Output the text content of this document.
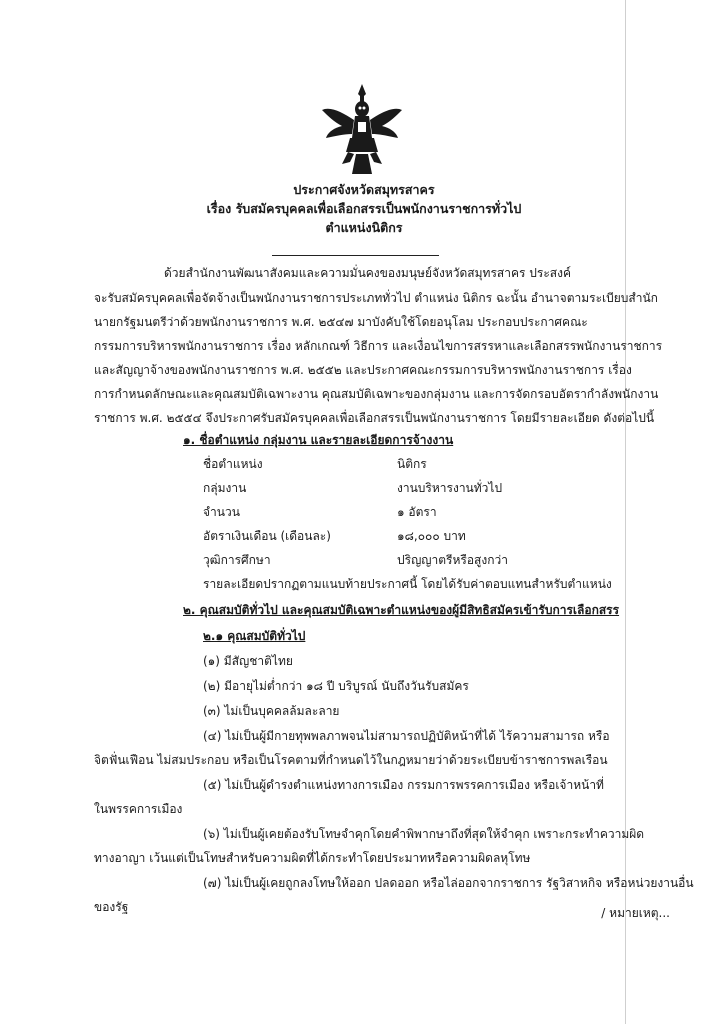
ประกาศจังหวัดสมุทรสาคร
เรื่อง รับสมัครบุคคลเพื่อเลือกสรรเป็นพนักงานราชการทั่วไป
ตำแหน่งนิติกร
ด้วยสำนักงานพัฒนาสังคมและความมั่นคงของมนุษย์จังหวัดสมุทรสาคร ประสงค์
จะรับสมัครบุคคลเพื่อจัดจ้างเป็นพนักงานราชการประเภททั่วไป ตำแหน่ง นิติกร ฉะนั้น อำนาจตามระเบียบสำนัก
นายกรัฐมนตรีว่าด้วยพนักงานราชการ พ.ศ. ๒๕๔๗ มาบังคับใช้โดยอนุโลม ประกอบประกาศคณะ
กรรมการบริหารพนักงานราชการ เรื่อง หลักเกณฑ์ วิธีการ และเงื่อนไขการสรรหาและเลือกสรรพนักงานราชการ
และสัญญาจ้างของพนักงานราชการ พ.ศ. ๒๕๕๒ และประกาศคณะกรรมการบริหารพนักงานราชการ เรื่อง
การกำหนดลักษณะและคุณสมบัติเฉพาะงาน คุณสมบัติเฉพาะของกลุ่มงาน และการจัดกรอบอัตรากำลังพนักงาน
ราชการ พ.ศ. ๒๕๕๔ จึงประกาศรับสมัครบุคคลเพื่อเลือกสรรเป็นพนักงานราชการ โดยมีรายละเอียด ดังต่อไปนี้
๑. ชื่อตำแหน่ง กลุ่มงาน และรายละเอียดการจ้างงาน
ชื่อตำแหน่ง	นิติกร
กลุ่มงาน	งานบริหารงานทั่วไป
จำนวน	๑ อัตรา
อัตราเงินเดือน (เดือนละ)	๑๘,๐๐๐ บาท
วุฒิการศึกษา	ปริญญาตรีหรือสูงกว่า
รายละเอียดปรากฏตามแนบท้ายประกาศนี้ โดยได้รับค่าตอบแทนสำหรับตำแหน่ง
๒. คุณสมบัติทั่วไป และคุณสมบัติเฉพาะตำแหน่งของผู้มีสิทธิสมัครเข้ารับการเลือกสรร
๒.๑ คุณสมบัติทั่วไป
(๑) มีสัญชาติไทย
(๒) มีอายุไม่ต่ำกว่า ๑๘ ปี บริบูรณ์ นับถึงวันรับสมัคร
(๓) ไม่เป็นบุคคลล้มละลาย
(๔) ไม่เป็นผู้มีกายทุพพลภาพจนไม่สามารถปฏิบัติหน้าที่ได้ ไร้ความสามารถ หรือ
จิตฟั่นเฟือน ไม่สมประกอบ หรือเป็นโรคตามที่กำหนดไว้ในกฎหมายว่าด้วยระเบียบข้าราชการพลเรือน
(๕) ไม่เป็นผู้ดำรงตำแหน่งทางการเมือง กรรมการพรรคการเมือง หรือเจ้าหน้าที่
ในพรรคการเมือง
(๖) ไม่เป็นผู้เคยต้องรับโทษจำคุกโดยคำพิพากษาถึงที่สุดให้จำคุก เพราะกระทำความผิด
ทางอาญา เว้นแต่เป็นโทษสำหรับความผิดที่ได้กระทำโดยประมาทหรือความผิดลหุโทษ
(๗) ไม่เป็นผู้เคยถูกลงโทษให้ออก ปลดออก หรือไล่ออกจากราชการ รัฐวิสาหกิจ หรือหน่วยงานอื่น
ของรัฐ	/ หมายเหตุ...
